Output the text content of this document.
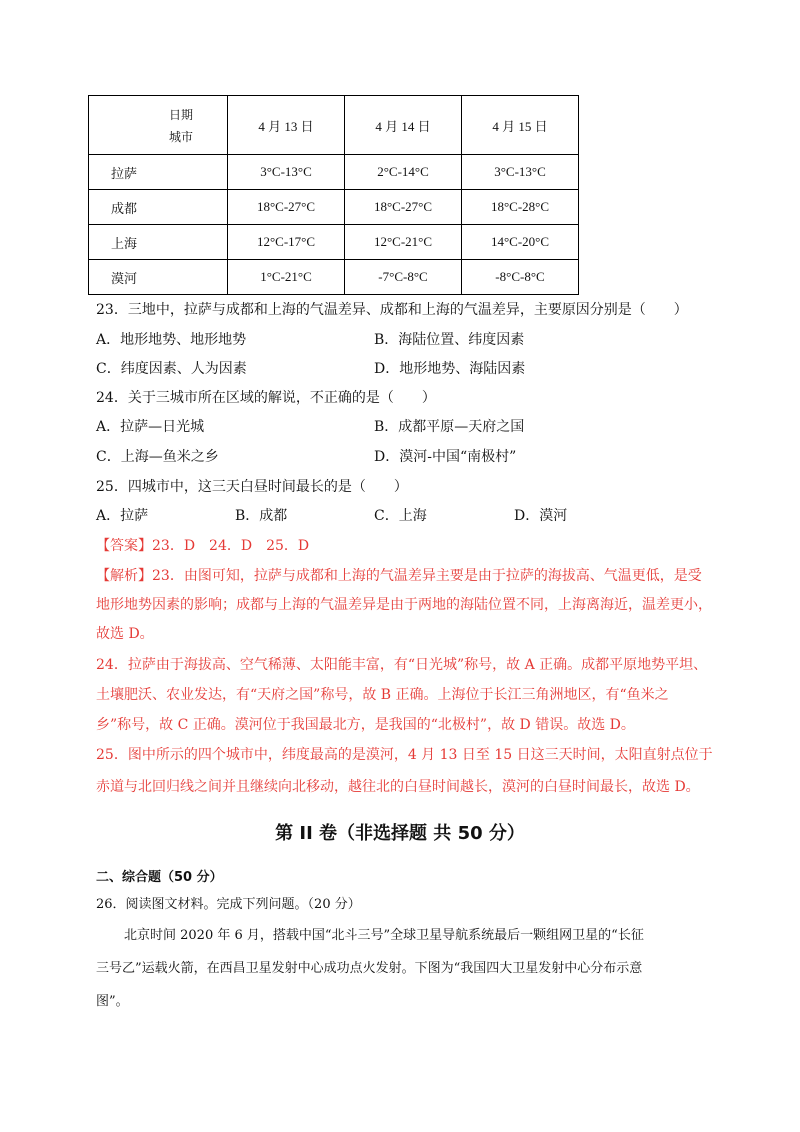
日期
城市	4 月 13 日	4 月 14 日	4 月 15 日
拉萨	3°C-13°C	2°C-14°C	3°C-13°C
成都	18°C-27°C	18°C-27°C	18°C-28°C
上海	12°C-17°C	12°C-21°C	14°C-20°C
漠河	1°C-21°C	-7°C-8°C	-8°C-8°C
23．三地中，拉萨与成都和上海的气温差异、成都和上海的气温差异，主要原因分别是（　　）
A．地形地势、地形地势	B．海陆位置、纬度因素
C．纬度因素、人为因素	D．地形地势、海陆因素
24．关于三城市所在区域的解说，不正确的是（　　）
A．拉萨—日光城	B．成都平原—天府之国
C．上海—鱼米之乡	D．漠河-中国“南极村”
25．四城市中，这三天白昼时间最长的是（　　）
A．拉萨	B．成都	C．上海	D．漠河
【答案】23．D　24．D　25．D
【解析】23．由图可知，拉萨与成都和上海的气温差异主要是由于拉萨的海拔高、气温更低，是受
地形地势因素的影响；成都与上海的气温差异是由于两地的海陆位置不同，上海离海近，温差更小，
故选 D。
24．拉萨由于海拔高、空气稀薄、太阳能丰富，有“日光城”称号，故 A 正确。成都平原地势平坦、
土壤肥沃、农业发达，有“天府之国”称号，故 B 正确。上海位于长江三角洲地区，有“鱼米之
乡”称号，故 C 正确。漠河位于我国最北方，是我国的“北极村”，故 D 错误。故选 D。
25．图中所示的四个城市中，纬度最高的是漠河，4 月 13 日至 15 日这三天时间，太阳直射点位于
赤道与北回归线之间并且继续向北移动，越往北的白昼时间越长，漠河的白昼时间最长，故选 D。
第 II 卷（非选择题 共 50 分）
二、综合题（50 分）
26．阅读图文材料。完成下列问题。（20 分）
北京时间 2020 年 6 月，搭载中国“北斗三号”全球卫星导航系统最后一颗组网卫星的“长征
三号乙”运载火箭，在西昌卫星发射中心成功点火发射。下图为“我国四大卫星发射中心分布示意
图”。
